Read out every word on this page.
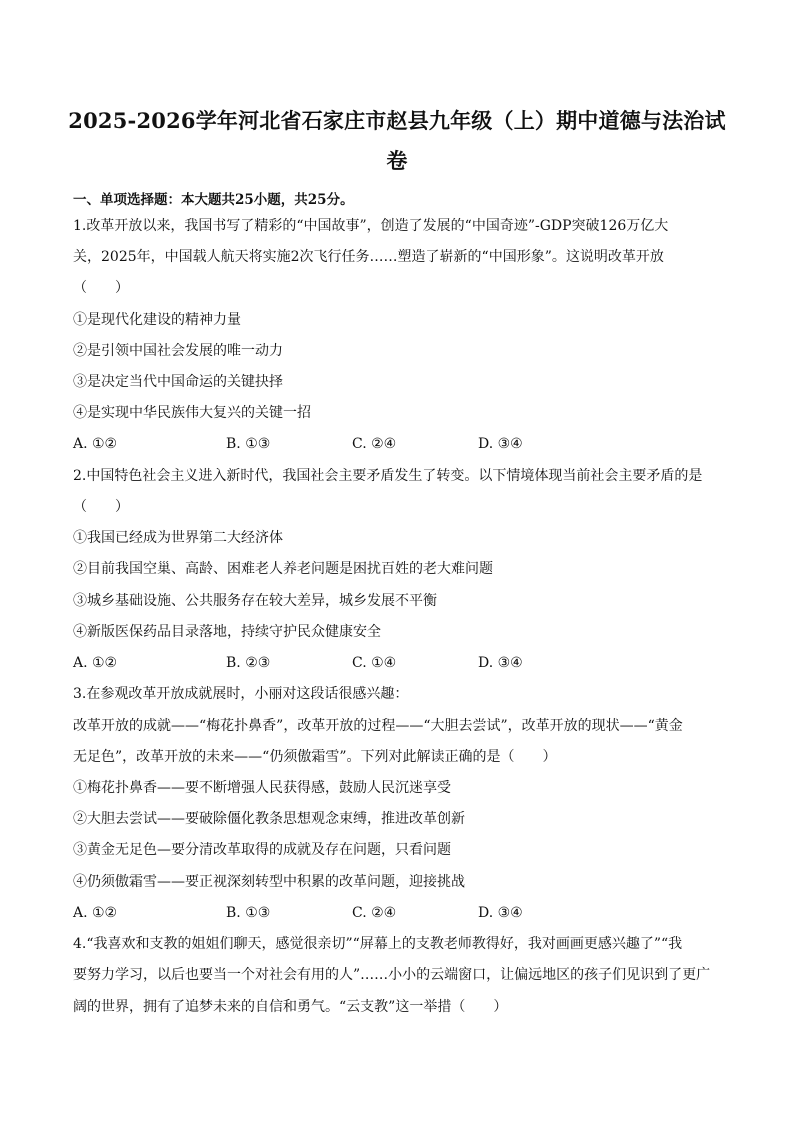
2025-2026学年河北省石家庄市赵县九年级（上）期中道德与法治试
卷

一、单项选择题：本大题共25小题，共25分。

1.改革开放以来，我国书写了精彩的“中国故事”，创造了发展的“中国奇迹”-GDP突破126万亿大

关，2025年，中国载人航天将实施2次飞行任务……塑造了崭新的“中国形象”。这说明改革开放

（　　）

①是现代化建设的精神力量

②是引领中国社会发展的唯一动力

③是决定当代中国命运的关键抉择

④是实现中华民族伟大复兴的关键一招

A. ①②	B. ①③	C. ②④	D. ③④

2.中国特色社会主义进入新时代，我国社会主要矛盾发生了转变。以下情境体现当前社会主要矛盾的是

（　　）

①我国已经成为世界第二大经济体

②目前我国空巢、高龄、困难老人养老问题是困扰百姓的老大难问题

③城乡基础设施、公共服务存在较大差异，城乡发展不平衡

④新版医保药品目录落地，持续守护民众健康安全

A. ①②	B. ②③	C. ①④	D. ③④

3.在参观改革开放成就展时，小丽对这段话很感兴趣：

改革开放的成就——“梅花扑鼻香”，改革开放的过程——“大胆去尝试”，改革开放的现状——“黄金

无足色”，改革开放的未来——“仍须傲霜雪”。下列对此解读正确的是（　　）

①梅花扑鼻香——要不断增强人民获得感，鼓励人民沉迷享受

②大胆去尝试——要破除僵化教条思想观念束缚，推进改革创新

③黄金无足色—要分清改革取得的成就及存在问题，只看问题

④仍须傲霜雪——要正视深刻转型中积累的改革问题，迎接挑战

A. ①②	B. ①③	C. ②④	D. ③④

4.“我喜欢和支教的姐姐们聊天，感觉很亲切”“屏幕上的支教老师教得好，我对画画更感兴趣了”“我

要努力学习，以后也要当一个对社会有用的人”……小小的云端窗口，让偏远地区的孩子们见识到了更广

阔的世界，拥有了追梦未来的自信和勇气。“云支教”这一举措（　　）
